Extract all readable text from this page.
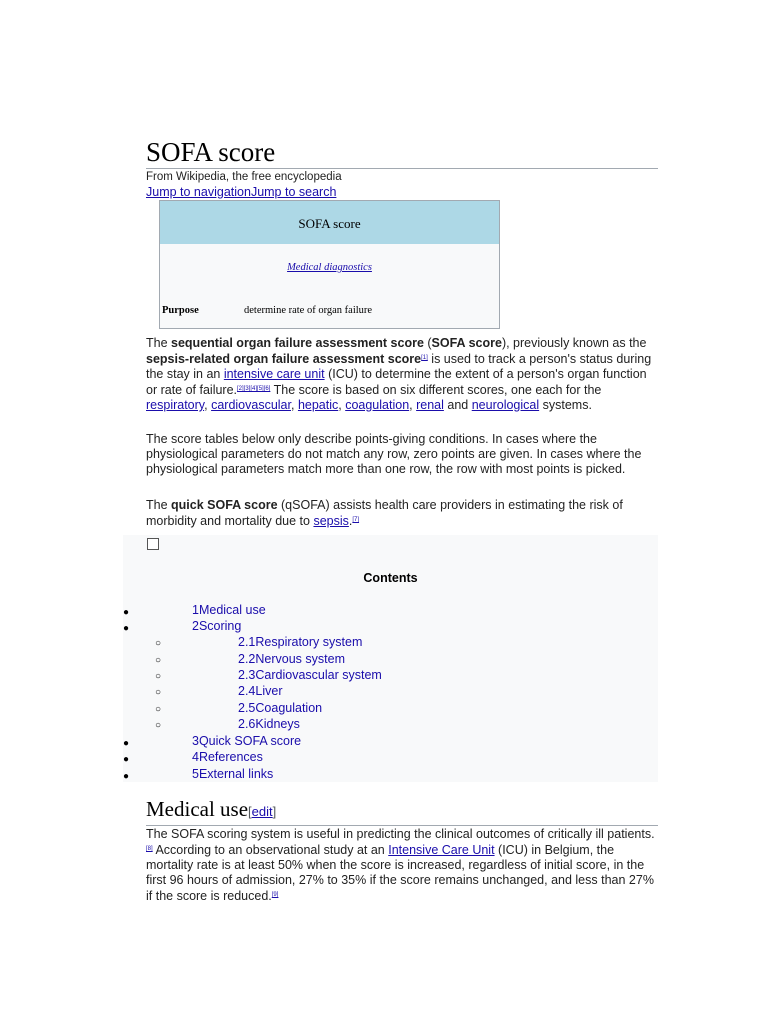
SOFA score
From Wikipedia, the free encyclopedia
Jump to navigationJump to search
SOFA score
Medical diagnostics
Purpose	determine rate of organ failure

The sequential organ failure assessment score (SOFA score), previously known as the sepsis-related organ failure assessment score[1] is used to track a person's status during the stay in an intensive care unit (ICU) to determine the extent of a person's organ function or rate of failure.[2][3][4][5][6] The score is based on six different scores, one each for the respiratory, cardiovascular, hepatic, coagulation, renal and neurological systems.

The score tables below only describe points-giving conditions. In cases where the physiological parameters do not match any row, zero points are given. In cases where the physiological parameters match more than one row, the row with most points is picked.

The quick SOFA score (qSOFA) assists health care providers in estimating the risk of morbidity and mortality due to sepsis.[7]

Contents
●	1Medical use
●	2Scoring
○	2.1Respiratory system
○	2.2Nervous system
○	2.3Cardiovascular system
○	2.4Liver
○	2.5Coagulation
○	2.6Kidneys
●	3Quick SOFA score
●	4References
●	5External links
Medical use[edit]

The SOFA scoring system is useful in predicting the clinical outcomes of critically ill patients.[8] According to an observational study at an Intensive Care Unit (ICU) in Belgium, the mortality rate is at least 50% when the score is increased, regardless of initial score, in the first 96 hours of admission, 27% to 35% if the score remains unchanged, and less than 27% if the score is reduced.[9]
